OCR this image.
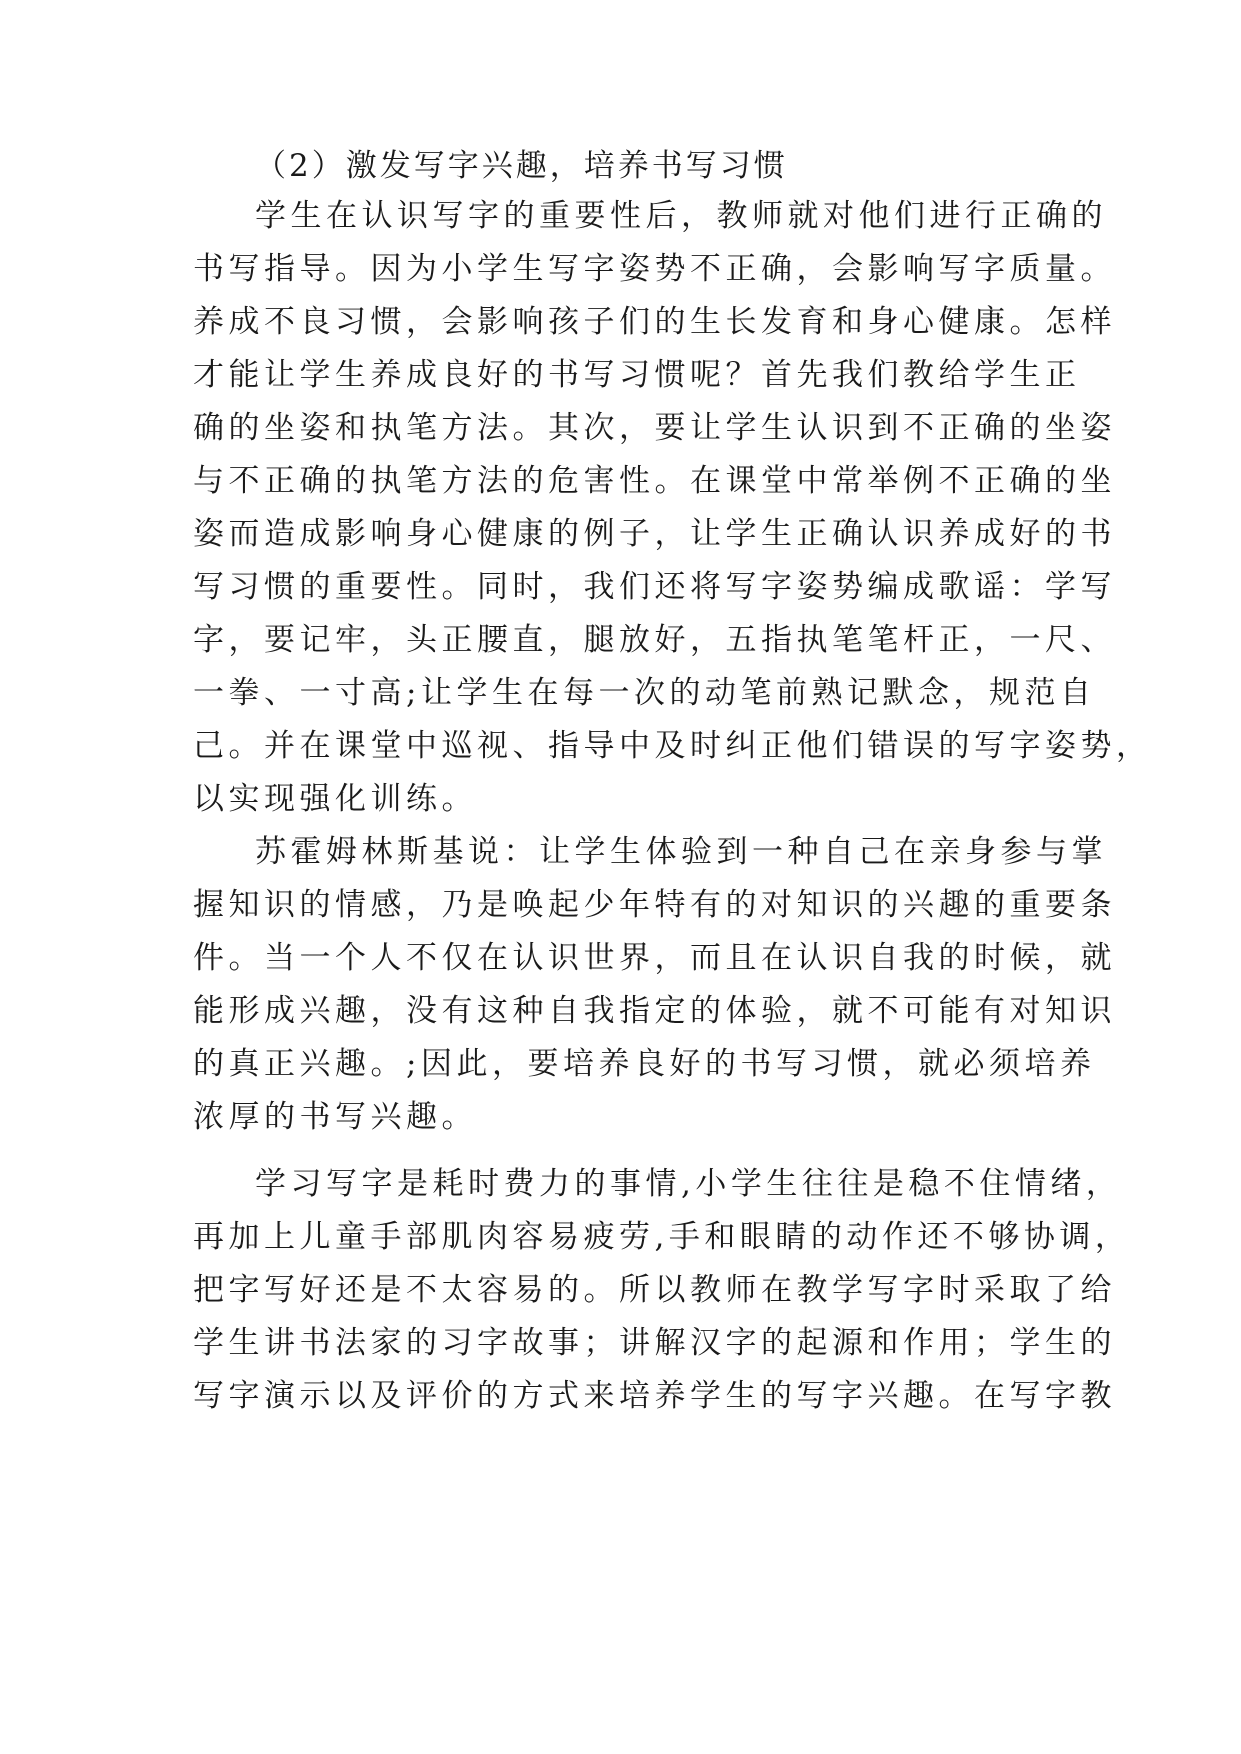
（2）激发写字兴趣，培养书写习惯

学生在认识写字的重要性后，教师就对他们进行正确的

书写指导。因为小学生写字姿势不正确，会影响写字质量。

养成不良习惯，会影响孩子们的生长发育和身心健康。怎样

才能让学生养成良好的书写习惯呢？首先我们教给学生正

确的坐姿和执笔方法。其次，要让学生认识到不正确的坐姿

与不正确的执笔方法的危害性。在课堂中常举例不正确的坐

姿而造成影响身心健康的例子，让学生正确认识养成好的书

写习惯的重要性。同时，我们还将写字姿势编成歌谣：学写

字，要记牢，头正腰直，腿放好，五指执笔笔杆正，一尺、

一拳、一寸高;让学生在每一次的动笔前熟记默念，规范自

己。并在课堂中巡视、指导中及时纠正他们错误的写字姿势，

以实现强化训练。

苏霍姆林斯基说：让学生体验到一种自己在亲身参与掌

握知识的情感，乃是唤起少年特有的对知识的兴趣的重要条

件。当一个人不仅在认识世界，而且在认识自我的时候，就

能形成兴趣，没有这种自我指定的体验，就不可能有对知识

的真正兴趣。;因此，要培养良好的书写习惯，就必须培养

浓厚的书写兴趣。

学习写字是耗时费力的事情,小学生往往是稳不住情绪，

再加上儿童手部肌肉容易疲劳,手和眼睛的动作还不够协调，

把字写好还是不太容易的。所以教师在教学写字时采取了给

学生讲书法家的习字故事；讲解汉字的起源和作用；学生的

写字演示以及评价的方式来培养学生的写字兴趣。在写字教
